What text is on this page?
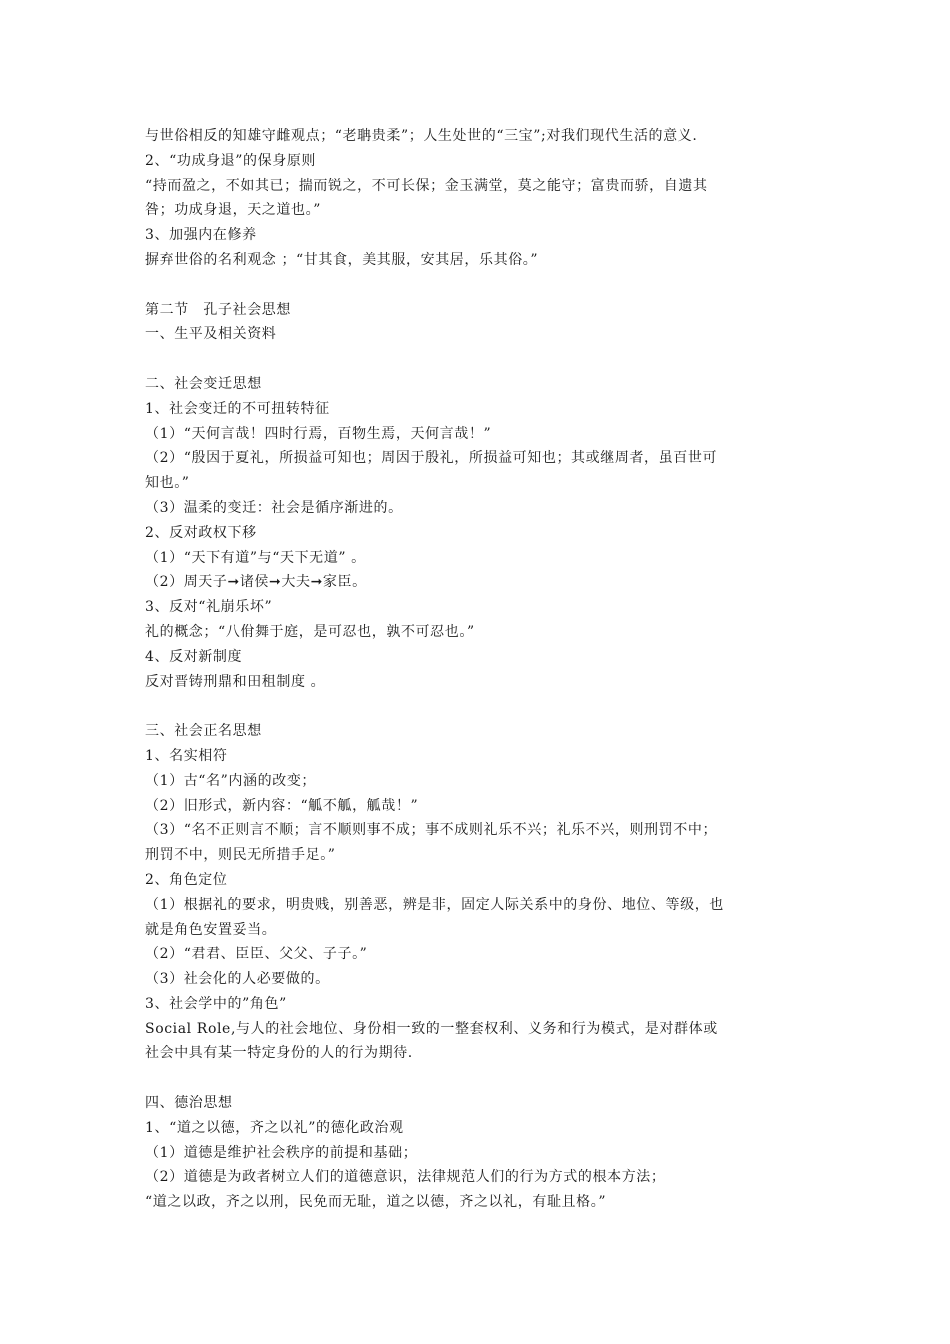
与世俗相反的知雄守雌观点；“老聃贵柔”；人生处世的“三宝”;对我们现代生活的意义.
2、“功成身退”的保身原则
“持而盈之，不如其已；揣而锐之，不可长保；金玉满堂，莫之能守；富贵而骄，自遗其
咎；功成身退，天之道也。”
3、加强内在修养
摒弃世俗的名利观念 ；“甘其食，美其服，安其居，乐其俗。”
第二节　孔子社会思想
一、生平及相关资料
二、社会变迁思想
1、社会变迁的不可扭转特征
（1）“天何言哉！四时行焉，百物生焉，天何言哉！”
（2）“殷因于夏礼，所损益可知也；周因于殷礼，所损益可知也；其或继周者，虽百世可
知也。”
（3）温柔的变迁：社会是循序渐进的。
2、反对政权下移
（1）“天下有道”与“天下无道” 。
（2）周天子➞诸侯➞大夫➞家臣。
3、反对“礼崩乐坏”
礼的概念；“八佾舞于庭，是可忍也，孰不可忍也。”
4、反对新制度
反对晋铸刑鼎和田租制度 。
三、社会正名思想
1、名实相符
（1）古“名”内涵的改变；
（2）旧形式，新内容：“觚不觚，觚哉！”
（3）“名不正则言不顺；言不顺则事不成；事不成则礼乐不兴；礼乐不兴，则刑罚不中；
刑罚不中，则民无所措手足。”
2、角色定位
（1）根据礼的要求，明贵贱，别善恶，辨是非，固定人际关系中的身份、地位、等级，也
就是角色安置妥当。
（2）“君君、臣臣、父父、子子。”
（3）社会化的人必要做的。
3、社会学中的”角色”
Social Role,与人的社会地位、身份相一致的一整套权利、义务和行为模式，是对群体或
社会中具有某一特定身份的人的行为期待.
四、德治思想
1、“道之以德，齐之以礼”的德化政治观
（1）道德是维护社会秩序的前提和基础；
（2）道德是为政者树立人们的道德意识，法律规范人们的行为方式的根本方法；
“道之以政，齐之以刑，民免而无耻，道之以德，齐之以礼，有耻且格。”
